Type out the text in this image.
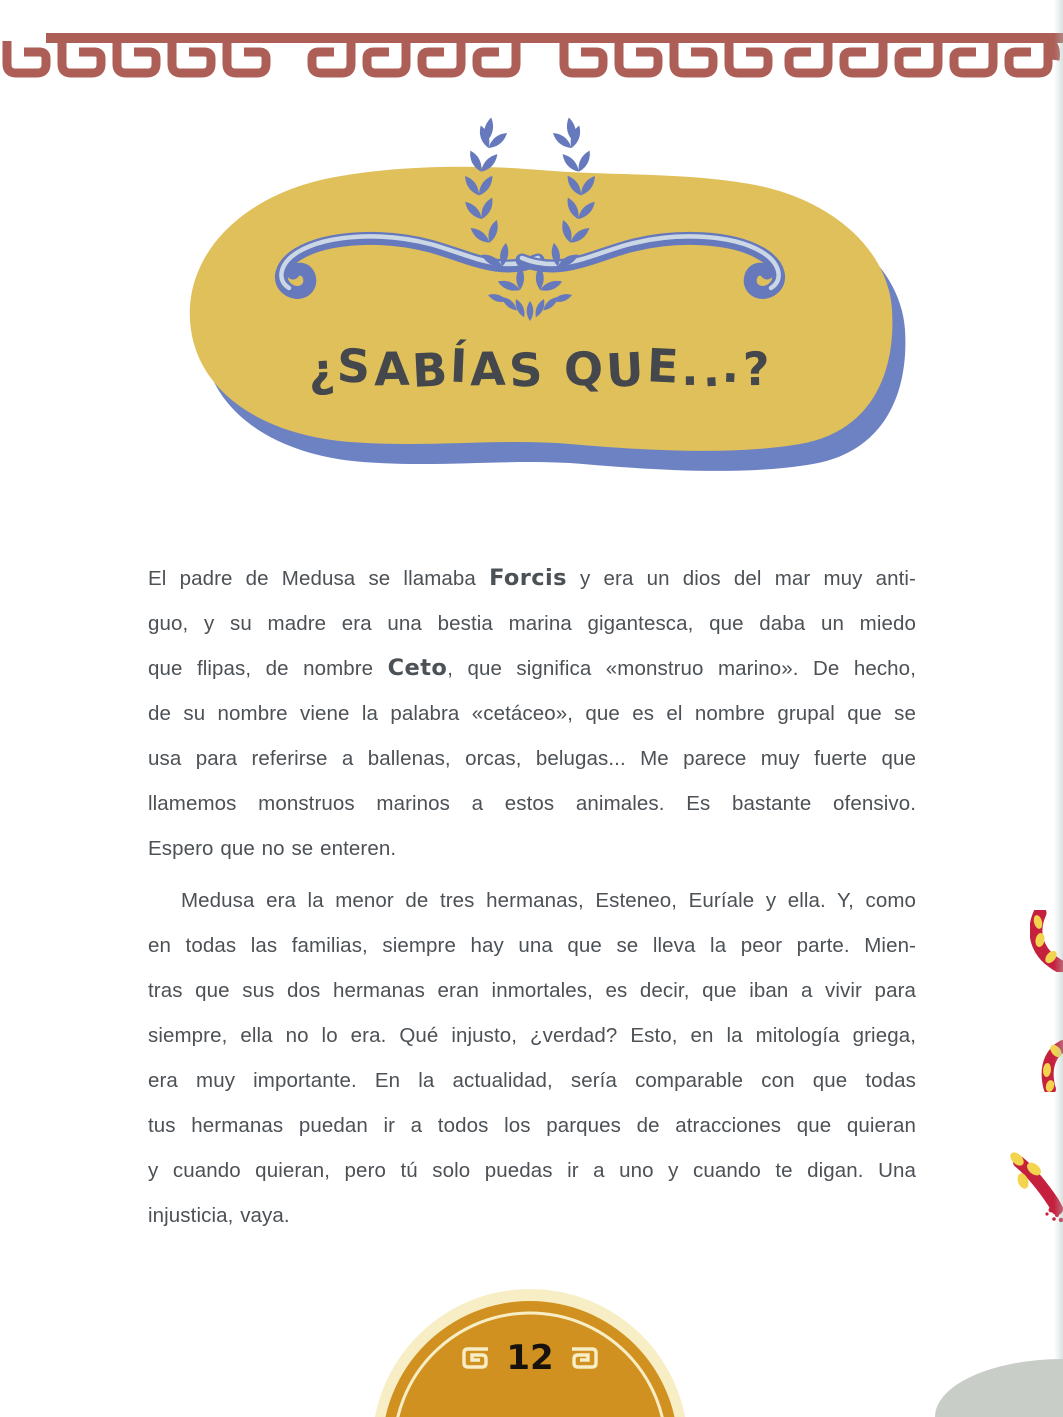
¿SABÍAS QUE...?
El padre de Medusa se llamaba Forcis y era un dios del mar muy anti-
guo, y su madre era una bestia marina gigantesca, que daba un miedo
que flipas, de nombre Ceto, que significa «monstruo marino». De hecho,
de su nombre viene la palabra «cetáceo», que es el nombre grupal que se
usa para referirse a ballenas, orcas, belugas... Me parece muy fuerte que
llamemos monstruos marinos a estos animales. Es bastante ofensivo.
Espero que no se enteren.
Medusa era la menor de tres hermanas, Esteneo, Euríale y ella. Y, como
en todas las familias, siempre hay una que se lleva la peor parte. Mien-
tras que sus dos hermanas eran inmortales, es decir, que iban a vivir para
siempre, ella no lo era. Qué injusto, ¿verdad? Esto, en la mitología griega,
era muy importante. En la actualidad, sería comparable con que todas
tus hermanas puedan ir a todos los parques de atracciones que quieran
y cuando quieran, pero tú solo puedas ir a uno y cuando te digan. Una
injusticia, vaya.
12
